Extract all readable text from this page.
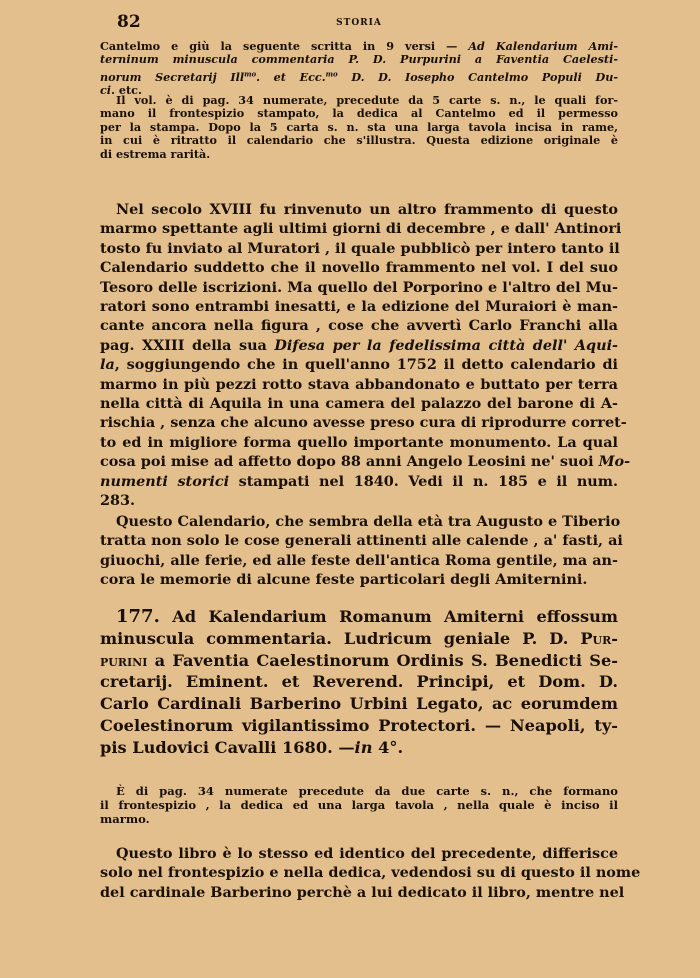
82	STORIA
Cantelmo e giù la seguente scritta in 9 versi — Ad Kalendarium Ami-
terninum minuscula commentaria P. D. Purpurini a Faventia Caelesti-
norum Secretarij Ill$^{mo}$. et Ecc.$^{mo}$ D. D. Iosepho Cantelmo Populi Du-
ci. etc.
Il vol. è di pag. 34 numerate, precedute da 5 carte s. n., le quali for-
mano il frontespizio stampato, la dedica al Cantelmo ed il permesso
per la stampa. Dopo la 5 carta s. n. sta una larga tavola incisa in rame,
in cui è ritratto il calendario che s'illustra. Questa edizione originale è
di estrema rarità.
Nel secolo XVIII fu rinvenuto un altro frammento di questo
marmo spettante agli ultimi giorni di decembre , e dall' Antinori
tosto fu inviato al Muratori , il quale pubblicò per intero tanto il
Calendario suddetto che il novello frammento nel vol. I del suo
Tesoro delle iscrizioni. Ma quello del Porporino e l'altro del Mu-
ratori sono entrambi inesatti, e la edizione del Muraiori è man-
cante ancora nella figura , cose che avvertì Carlo Franchi alla
pag. XXIII della sua Difesa per la fedelissima città dell' Aqui-
la, soggiungendo che in quell'anno 1752 il detto calendario di
marmo in più pezzi rotto stava abbandonato e buttato per terra
nella città di Aquila in una camera del palazzo del barone di A-
rischia , senza che alcuno avesse preso cura di riprodurre corret-
to ed in migliore forma quello importante monumento. La qual
cosa poi mise ad affetto dopo 88 anni Angelo Leosini ne' suoi Mo-
numenti storici stampati nel 1840. Vedi il n. 185 e il num.
283.
Questo Calendario, che sembra della età tra Augusto e Tiberio
tratta non solo le cose generali attinenti alle calende , a' fasti, ai
giuochi, alle ferie, ed alle feste dell'antica Roma gentile, ma an-
cora le memorie di alcune feste particolari degli Amiternini.
177. Ad Kalendarium Romanum Amiterni effossum
minuscula commentaria. Ludricum geniale P. D. Pur-
purini a Faventia Caelestinorum Ordinis S. Benedicti Se-
cretarij. Eminent. et Reverend. Principi, et Dom. D.
Carlo Cardinali Barberino Urbini Legato, ac eorumdem
Coelestinorum vigilantissimo Protectori. — Neapoli, ty-
pis Ludovici Cavalli 1680. —in 4°.
È di pag. 34 numerate precedute da due carte s. n., che formano
il frontespizio , la dedica ed una larga tavola , nella quale è inciso il
marmo.
Questo libro è lo stesso ed identico del precedente, differisce
solo nel frontespizio e nella dedica, vedendosi su di questo il nome
del cardinale Barberino perchè a lui dedicato il libro, mentre nel
